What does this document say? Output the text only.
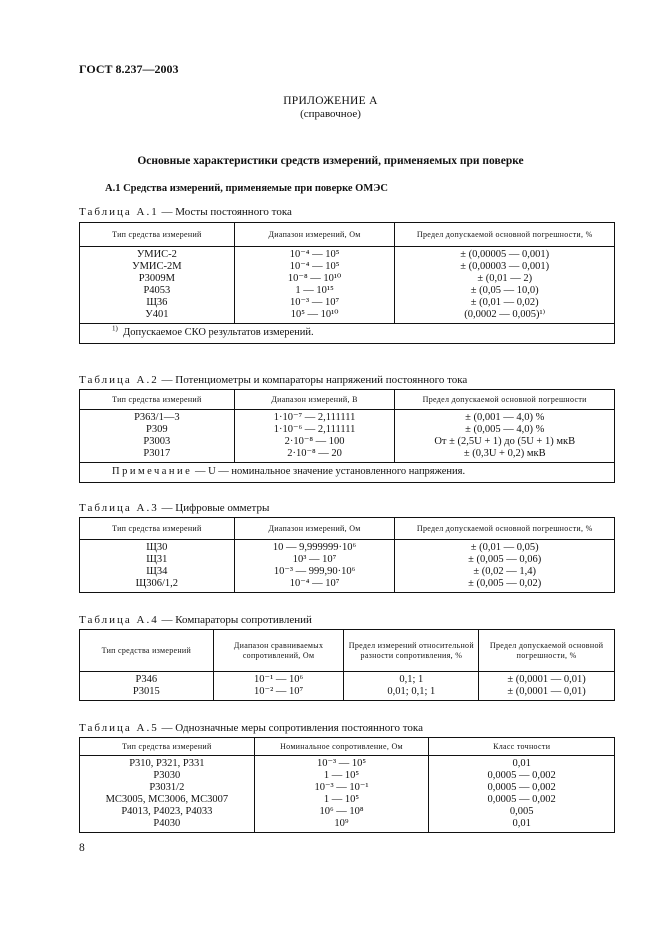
ГОСТ 8.237—2003
ПРИЛОЖЕНИЕ А
(справочное)
Основные характеристики средств измерений, применяемых при поверке
А.1 Средства измерений, применяемые при поверке ОМЭС
Таблица А.1 — Мосты постоянного тока
Тип средства измерений	Диапазон измерений, Ом	Предел допускаемой основной погрешности, %
УМИС-2	10⁻⁴ — 10⁵	± (0,00005 — 0,001)
УМИС-2М	10⁻⁴ — 10⁵	± (0,00003 — 0,001)
Р3009М	10⁻⁸ — 10¹⁰	± (0,01 — 2)
Р4053	1 — 10¹⁵	± (0,05 — 10,0)
Щ36	10⁻³ — 10⁷	± (0,01 — 0,02)
У401	10⁵ — 10¹⁰	(0,0002 — 0,005)¹⁾
$^{1)}$ Допускаемое СКО результатов измерений.		
Таблица А.2 — Потенциометры и компараторы напряжений постоянного тока
Тип средства измерений	Диапазон измерений, В	Предел допускаемой основной погрешности
Р363/1—3	1·10⁻⁷ — 2,111111	± (0,001 — 4,0) %
Р309	1·10⁻⁶ — 2,111111	± (0,005 — 4,0) %
Р3003	2·10⁻⁸ — 100	От ± (2,5U + 1) до (5U + 1) мкВ
Р3017	2·10⁻⁸ — 20	± (0,3U + 0,2) мкВ
Примечание — U — номинальное значение установленного напряжения.		
Таблица А.3 — Цифровые омметры
Тип средства измерений	Диапазон измерений, Ом	Предел допускаемой основной погрешности, %
Щ30	10 — 9,999999·10⁶	± (0,01 — 0,05)
Щ31	10³ — 10⁷	± (0,005 — 0,06)
Щ34	10⁻³ — 999,90·10⁶	± (0,02 — 1,4)
Щ306/1,2	10⁻⁴ — 10⁷	± (0,005 — 0,02)
Таблица А.4 — Компараторы сопротивлений
Тип средства измерений	Диапазон сравниваемых сопротивлений, Ом	Предел измерений относительной разности сопротивления, %	Предел допускаемой основной погрешности, %
Р346	10⁻¹ — 10⁶	0,1; 1	± (0,0001 — 0,01)
Р3015	10⁻² — 10⁷	0,01; 0,1; 1	± (0,0001 — 0,01)
Таблица А.5 — Однозначные меры сопротивления постоянного тока
Тип средства измерений	Номинальное сопротивление, Ом	Класс точности
Р310, Р321, Р331	10⁻³ — 10⁵	0,01
Р3030	1 — 10⁵	0,0005 — 0,002
Р3031/2	10⁻³ — 10⁻¹	0,0005 — 0,002
МС3005, МС3006, МС3007	1 — 10⁵	0,0005 — 0,002
Р4013, Р4023, Р4033	10⁶ — 10⁸	0,005
Р4030	10⁹	0,01
8
